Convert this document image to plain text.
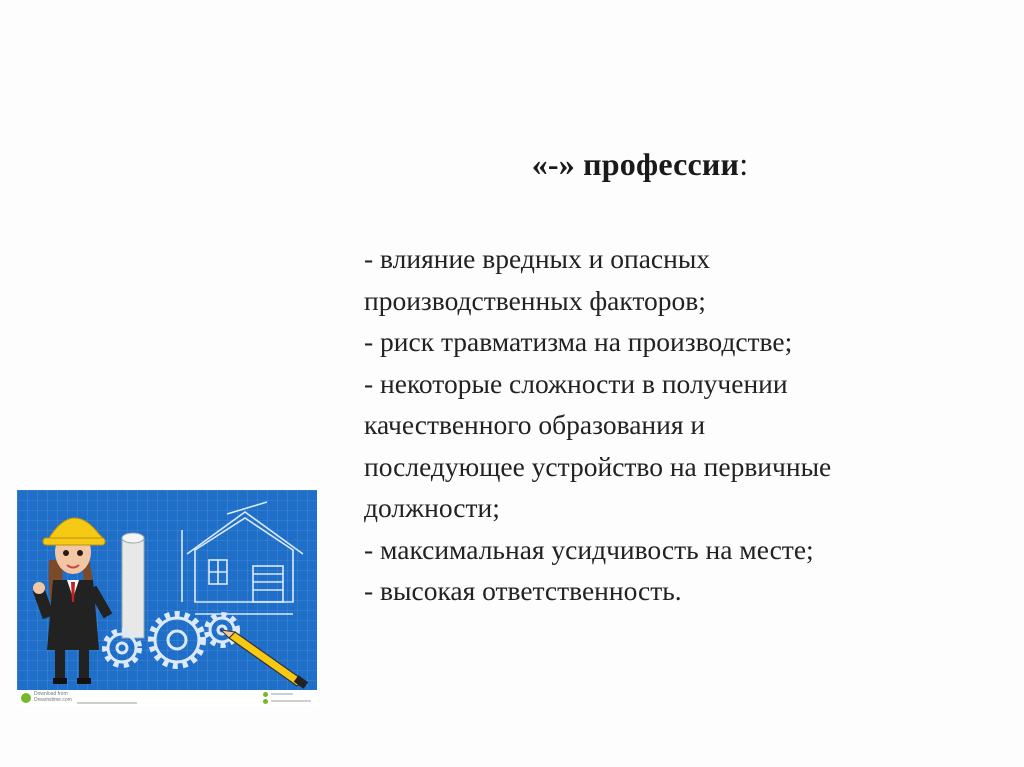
«-» профессии:
- влияние вредных и опасных
производственных факторов;
- риск травматизма на производстве;
- некоторые сложности в получении
качественного образования и
последующее устройство на первичные
должности;
- максимальная усидчивость на месте;
- высокая ответственность.
Download from
Dreamstime.com
